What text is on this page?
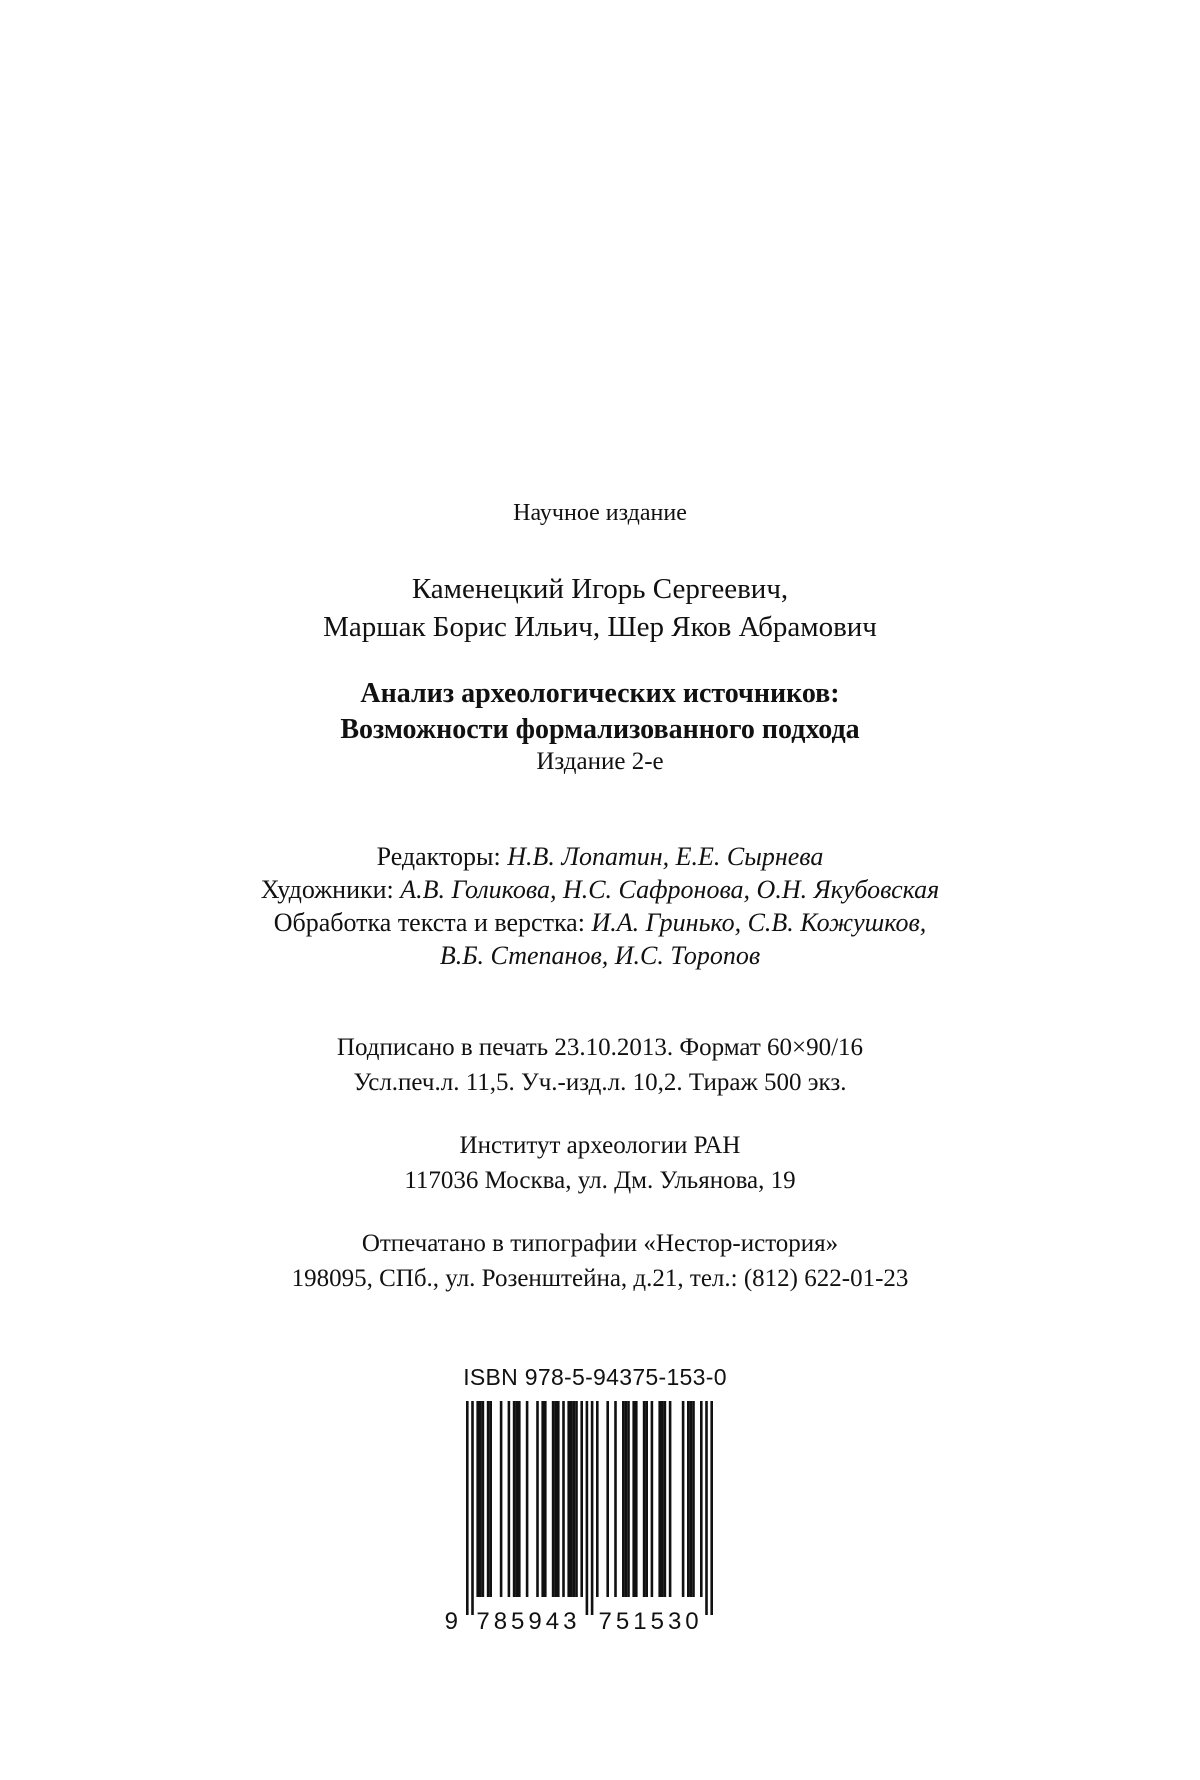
Научное издание
Каменецкий Игорь Сергеевич,
Маршак Борис Ильич, Шер Яков Абрамович
Анализ археологических источников:
Возможности формализованного подхода
Издание 2-е
Редакторы: Н.В. Лопатин, Е.Е. Сырнева
Художники: А.В. Голикова, Н.С. Сафронова, О.Н. Якубовская
Обработка текста и верстка: И.А. Гринько, С.В. Кожушков,
В.Б. Степанов, И.С. Торопов
Подписано в печать 23.10.2013. Формат 60×90/16
Усл.печ.л. 11,5. Уч.-изд.л. 10,2. Тираж 500 экз.
Институт археологии РАН
117036 Москва, ул. Дм. Ульянова, 19
Отпечатано в типографии «Нестор-история»
198095, СПб., ул. Розенштейна, д.21, тел.: (812) 622-01-23
ISBN 978-5-94375-153-0
9 785943 751530
